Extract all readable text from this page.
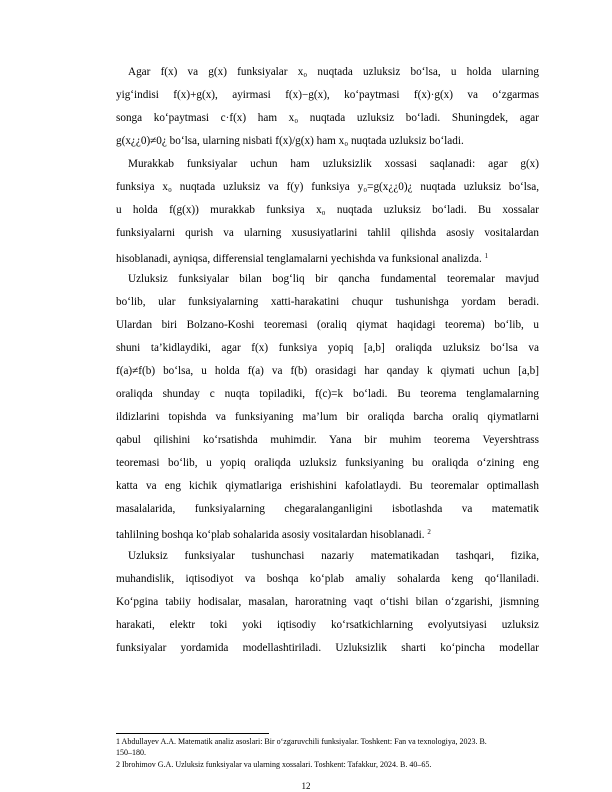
Agar f(x) va g(x) funksiyalar x₀ nuqtada uzluksiz bo‘lsa, u holda ularning
yig‘indisi f(x)+g(x), ayirmasi f(x)−g(x), ko‘paytmasi f(x)·g(x) va o‘zgarmas
songa ko‘paytmasi c·f(x) ham x₀ nuqtada uzluksiz bo‘ladi. Shuningdek, agar
g(x¿¿0)≠0¿ bo‘lsa, ularning nisbati f(x)/g(x) ham x₀ nuqtada uzluksiz bo‘ladi.
Murakkab funksiyalar uchun ham uzluksizlik xossasi saqlanadi: agar g(x)
funksiya x₀ nuqtada uzluksiz va f(y) funksiya y₀=g(x¿¿0)¿ nuqtada uzluksiz bo‘lsa,
u holda f(g(x)) murakkab funksiya x₀ nuqtada uzluksiz bo‘ladi. Bu xossalar
funksiyalarni qurish va ularning xususiyatlarini tahlil qilishda asosiy vositalardan
hisoblanadi, ayniqsa, differensial tenglamalarni yechishda va funksional analizda. $^1$
Uzluksiz funksiyalar bilan bog‘liq bir qancha fundamental teoremalar mavjud
bo‘lib, ular funksiyalarning xatti-harakatini chuqur tushunishga yordam beradi.
Ulardan biri Bolzano-Koshi teoremasi (oraliq qiymat haqidagi teorema) bo‘lib, u
shuni ta’kidlaydiki, agar f(x) funksiya yopiq [a,b] oraliqda uzluksiz bo‘lsa va
f(a)≠f(b) bo‘lsa, u holda f(a) va f(b) orasidagi har qanday k qiymati uchun [a,b]
oraliqda shunday c nuqta topiladiki, f(c)=k bo‘ladi. Bu teorema tenglamalarning
ildizlarini topishda va funksiyaning ma’lum bir oraliqda barcha oraliq qiymatlarni
qabul qilishini ko‘rsatishda muhimdir. Yana bir muhim teorema Veyershtrass
teoremasi bo‘lib, u yopiq oraliqda uzluksiz funksiyaning bu oraliqda o‘zining eng
katta va eng kichik qiymatlariga erishishini kafolatlaydi. Bu teoremalar optimallash
masalalarida, funksiyalarning chegaralanganligini isbotlashda va matematik
tahlilning boshqa ko‘plab sohalarida asosiy vositalardan hisoblanadi. $^2$
Uzluksiz funksiyalar tushunchasi nazariy matematikadan tashqari, fizika,
muhandislik, iqtisodiyot va boshqa ko‘plab amaliy sohalarda keng qo‘llaniladi.
Ko‘pgina tabiiy hodisalar, masalan, haroratning vaqt o‘tishi bilan o‘zgarishi, jismning
harakati, elektr toki yoki iqtisodiy ko‘rsatkichlarning evolyutsiyasi uzluksiz
funksiyalar yordamida modellashtiriladi. Uzluksizlik sharti ko‘pincha modellar
1 Abdullayev A.A. Matematik analiz asoslari: Bir o‘zgaruvchili funksiyalar. Toshkent: Fan va texnologiya, 2023. B.
150–180.
2 Ibrohimov G.A. Uzluksiz funksiyalar va ularning xossalari. Toshkent: Tafakkur, 2024. B. 40–65.
12
